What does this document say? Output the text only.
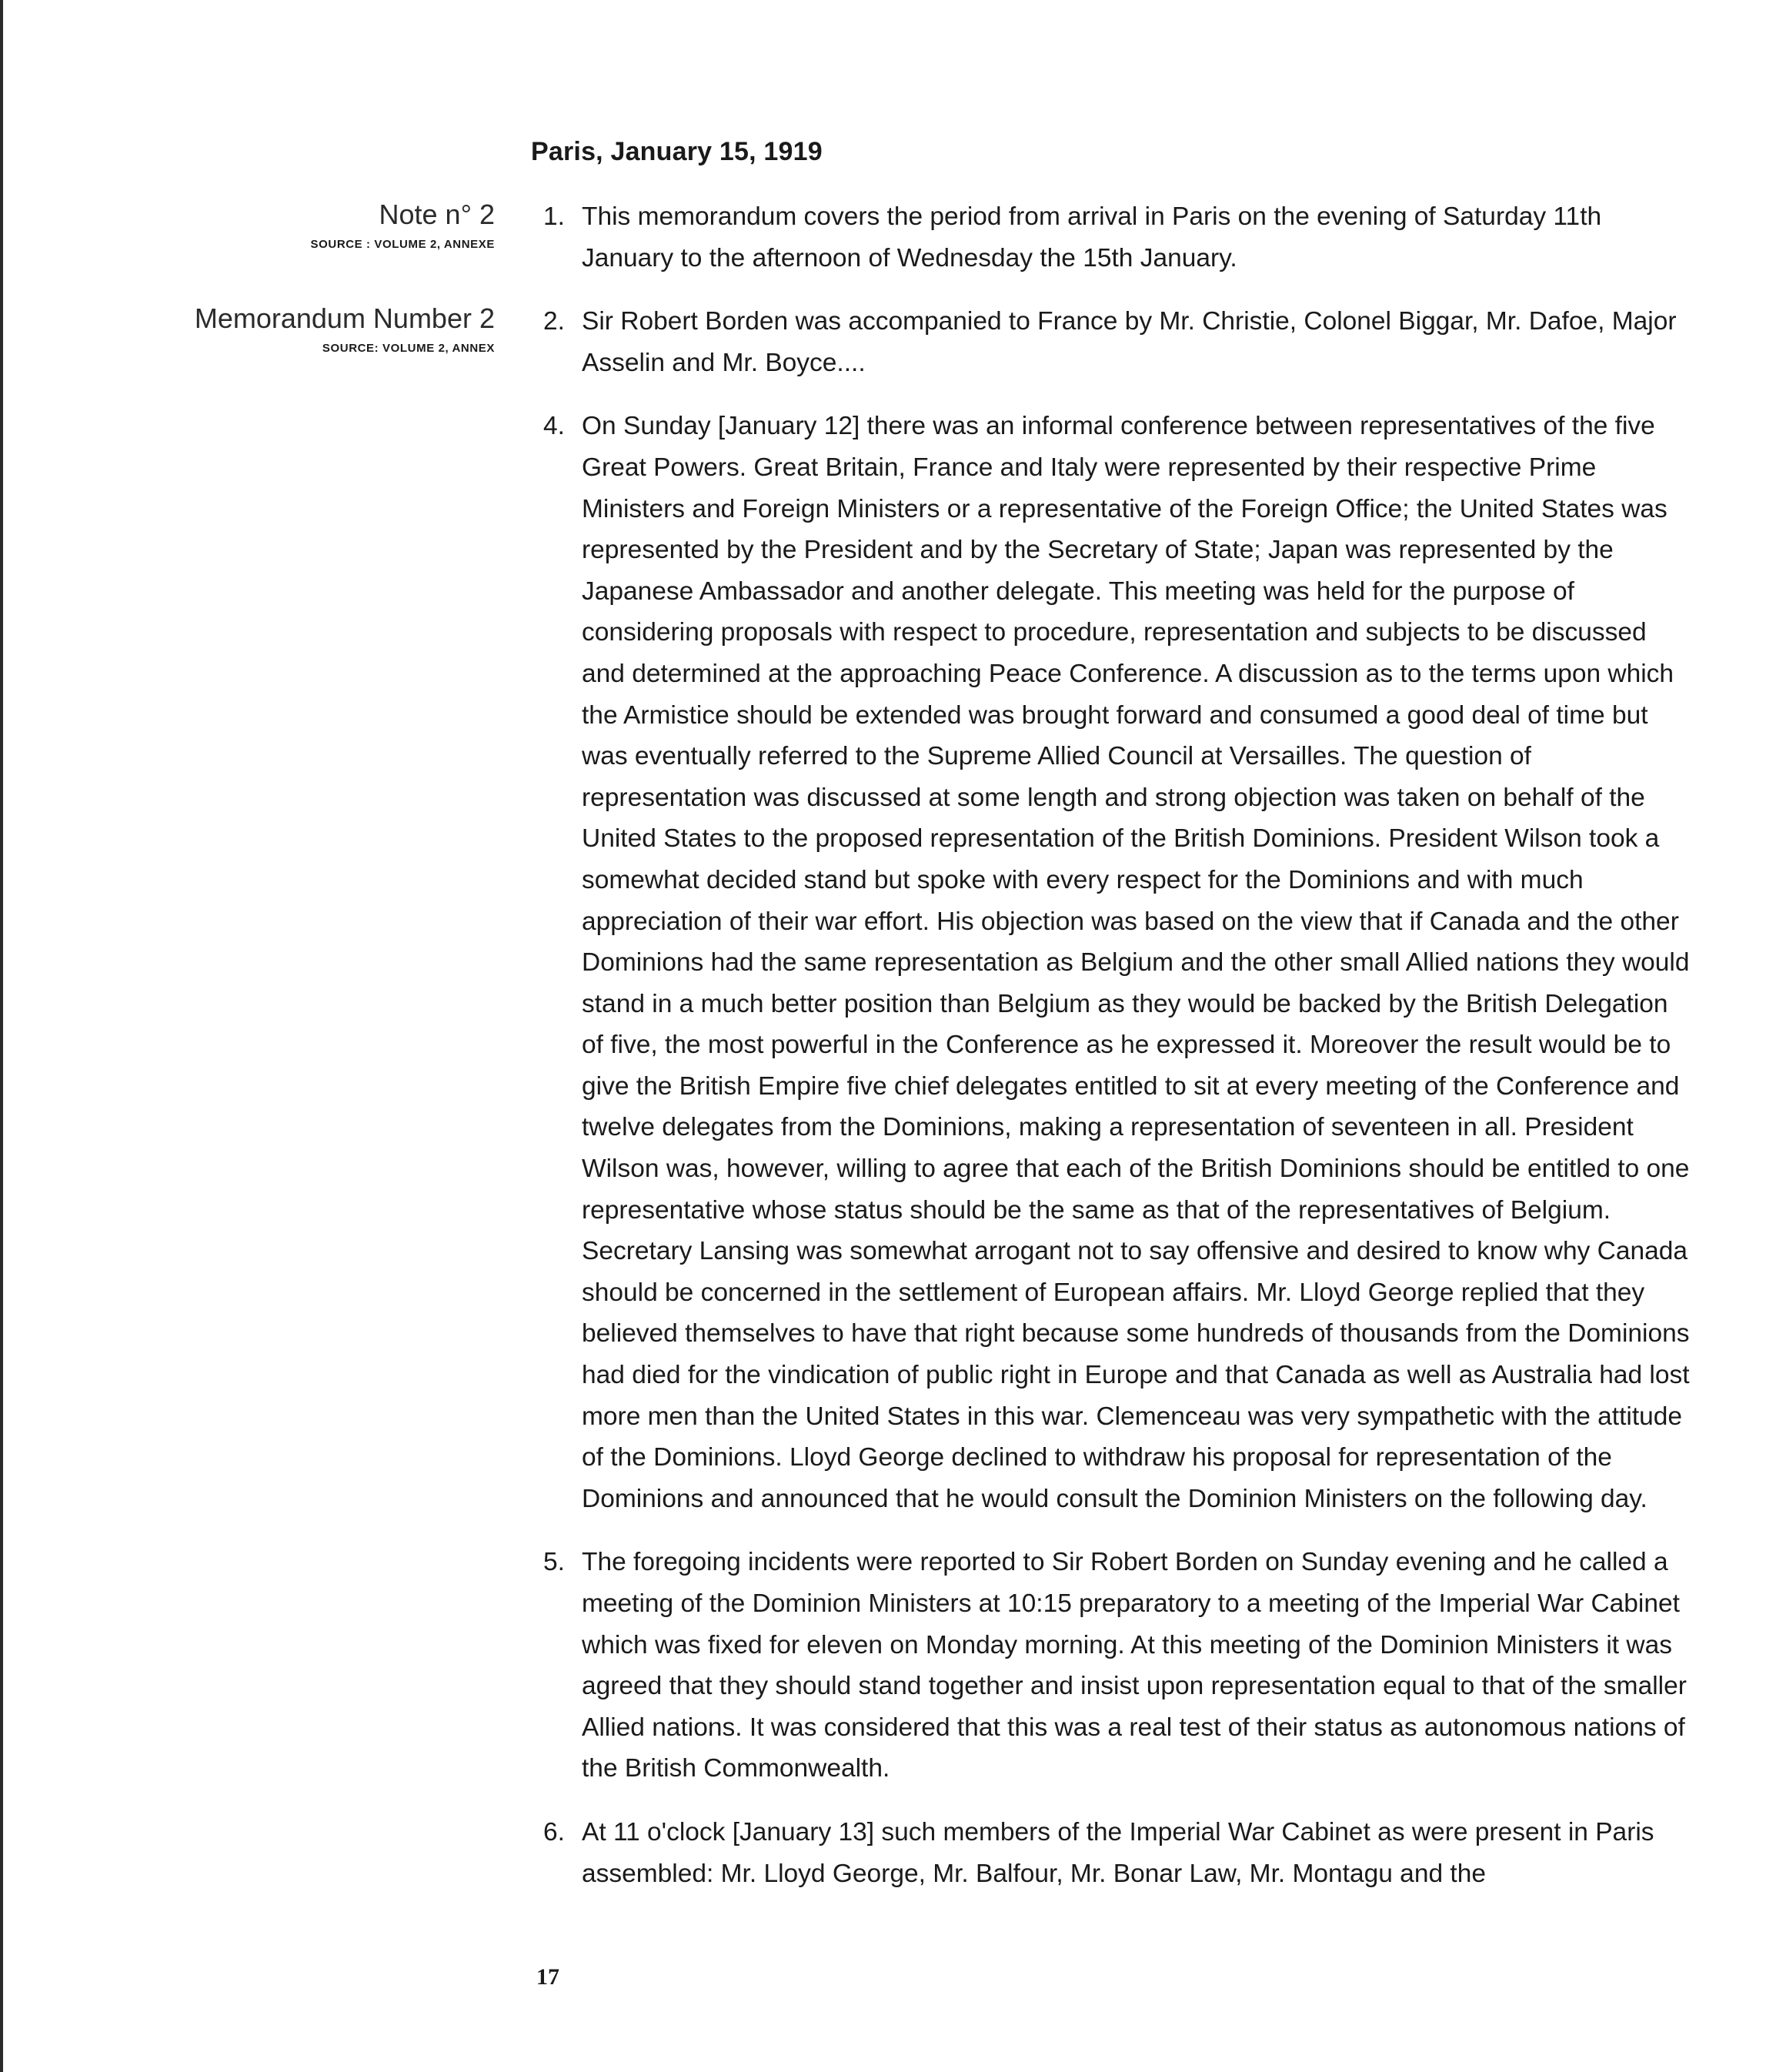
Paris, January 15, 1919
Note n° 2
SOURCE : VOLUME 2, ANNEXE
Memorandum Number 2
SOURCE: VOLUME 2, ANNEX
1. This memorandum covers the period from arrival in Paris on the evening of Saturday 11th January to the afternoon of Wednesday the 15th January.
2. Sir Robert Borden was accompanied to France by Mr. Christie, Colonel Biggar, Mr. Dafoe, Major Asselin and Mr. Boyce....
4. On Sunday [January 12] there was an informal conference between representatives of the five Great Powers. Great Britain, France and Italy were represented by their respective Prime Ministers and Foreign Ministers or a representative of the Foreign Office; the United States was represented by the President and by the Secretary of State; Japan was represented by the Japanese Ambassador and another delegate. This meeting was held for the purpose of considering proposals with respect to procedure, representation and subjects to be discussed and determined at the approaching Peace Conference. A discussion as to the terms upon which the Armistice should be extended was brought forward and consumed a good deal of time but was eventually referred to the Supreme Allied Council at Versailles. The question of representation was discussed at some length and strong objection was taken on behalf of the United States to the proposed representation of the British Dominions. President Wilson took a somewhat decided stand but spoke with every respect for the Dominions and with much appreciation of their war effort. His objection was based on the view that if Canada and the other Dominions had the same representation as Belgium and the other small Allied nations they would stand in a much better position than Belgium as they would be backed by the British Delegation of five, the most powerful in the Conference as he expressed it. Moreover the result would be to give the British Empire five chief delegates entitled to sit at every meeting of the Conference and twelve delegates from the Dominions, making a representation of seventeen in all. President Wilson was, however, willing to agree that each of the British Dominions should be entitled to one representative whose status should be the same as that of the representatives of Belgium. Secretary Lansing was somewhat arrogant not to say offensive and desired to know why Canada should be concerned in the settlement of European affairs. Mr. Lloyd George replied that they believed themselves to have that right because some hundreds of thousands from the Dominions had died for the vindication of public right in Europe and that Canada as well as Australia had lost more men than the United States in this war. Clemenceau was very sympathetic with the attitude of the Dominions. Lloyd George declined to withdraw his proposal for representation of the Dominions and announced that he would consult the Dominion Ministers on the following day.
5. The foregoing incidents were reported to Sir Robert Borden on Sunday evening and he called a meeting of the Dominion Ministers at 10:15 preparatory to a meeting of the Imperial War Cabinet which was fixed for eleven on Monday morning. At this meeting of the Dominion Ministers it was agreed that they should stand together and insist upon representation equal to that of the smaller Allied nations. It was considered that this was a real test of their status as autonomous nations of the British Commonwealth.
6. At 11 o'clock [January 13] such members of the Imperial War Cabinet as were present in Paris assembled: Mr. Lloyd George, Mr. Balfour, Mr. Bonar Law, Mr. Montagu and the
17
